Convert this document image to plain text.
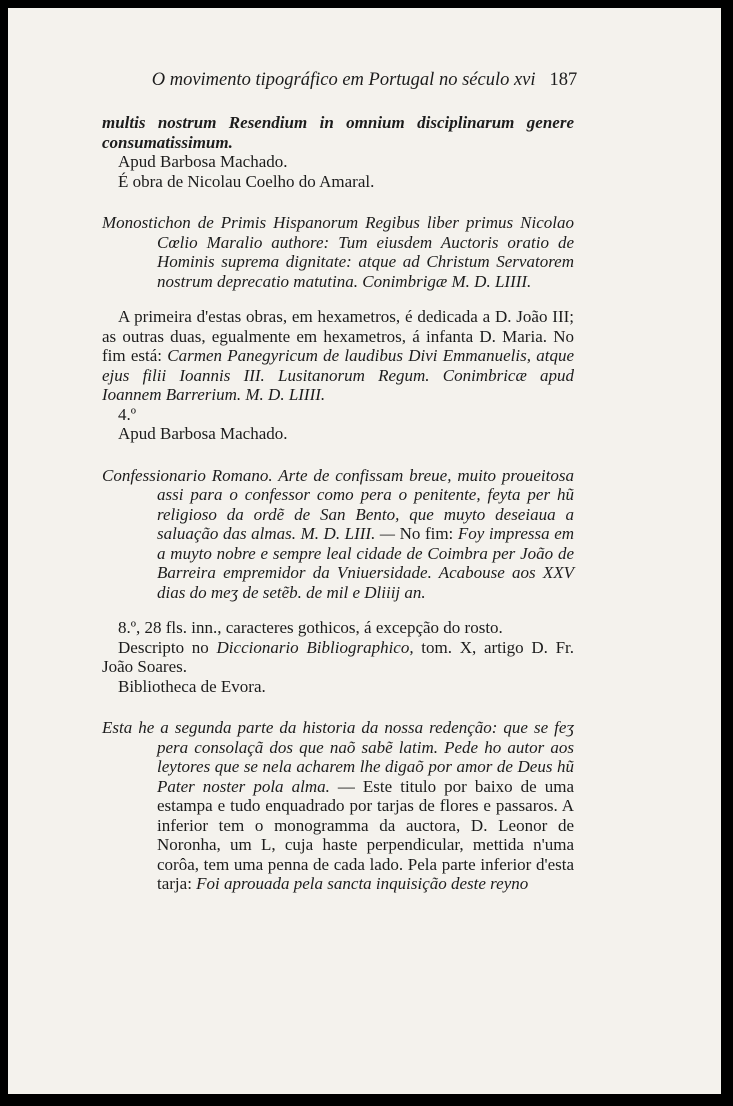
O movimento tipográfico em Portugal no século xvi 187

multis nostrum Resendium in omnium disciplinarum genere consumatissimum.

Apud Barbosa Machado.

É obra de Nicolau Coelho do Amaral.

Monostichon de Primis Hispanorum Regibus liber primus Nicolao Cœlio Maralio authore: Tum eiusdem Auctoris oratio de Hominis suprema dignitate: atque ad Christum Servatorem nostrum deprecatio matutina. Conimbrigæ M. D. LIIII.

A primeira d'estas obras, em hexametros, é dedicada a D. João III; as outras duas, egualmente em hexametros, á infanta D. Maria. No fim está: Carmen Panegyricum de laudibus Divi Emmanuelis, atque ejus filii Ioannis III. Lusitanorum Regum. Conimbricæ apud Ioannem Barrerium. M. D. LIIII.

4.º

Apud Barbosa Machado.

Confessionario Romano. Arte de confissam breue, muito proueitosa assi para o confessor como pera o penitente, feyta per hũ religioso da ordẽ de San Bento, que muyto deseiaua a saluação das almas. M. D. LIII. — No fim: Foy impressa em a muyto nobre e sempre leal cidade de Coimbra per João de Barreira empremidor da Vniuersidade. Acabouse aos XXV dias do meʒ de setẽb. de mil e Dliiij an.

8.º, 28 fls. inn., caracteres gothicos, á excepção do rosto.

Descripto no Diccionario Bibliographico, tom. X, artigo D. Fr. João Soares.

Bibliotheca de Evora.

Esta he a segunda parte da historia da nossa redenção: que se feʒ pera consolaçã dos que naõ sabẽ latim. Pede ho autor aos leytores que se nela acharem lhe digaõ por amor de Deus hũ Pater noster pola alma. — Este titulo por baixo de uma estampa e tudo enquadrado por tarjas de flores e passaros. A inferior tem o monogramma da auctora, D. Leonor de Noronha, um L, cuja haste perpendicular, mettida n'uma corôa, tem uma penna de cada lado. Pela parte inferior d'esta tarja: Foi aprouada pela sancta inquisição deste reyno
